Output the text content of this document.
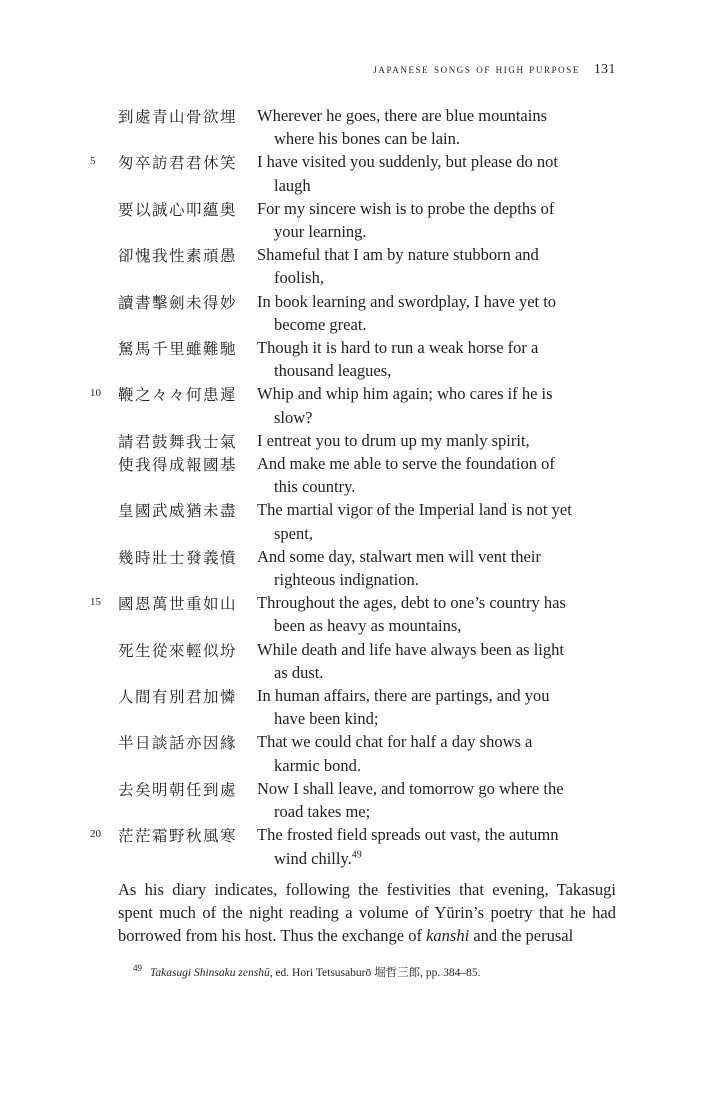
japanese songs of high purpose 131
到處青山骨欲埋 Wherever he goes, there are blue mountains
where his bones can be lain.
5	匆卒訪君君休笑 I have visited you suddenly, but please do not
laugh
要以誠心叩蘊奥 For my sincere wish is to probe the depths of
your learning.
卻愧我性素頑愚 Shameful that I am by nature stubborn and
foolish,
讀書擊劍未得妙 In book learning and swordplay, I have yet to
become great.
駑馬千里雖難馳 Though it is hard to run a weak horse for a
thousand leagues,
10	鞭之々々何患遲 Whip and whip him again; who cares if he is
slow?
請君鼓舞我士氣 I entreat you to drum up my manly spirit,
使我得成報國基 And make me able to serve the foundation of
this country.
皇國武威猶未盡 The martial vigor of the Imperial land is not yet
spent,
幾時壯士發義憤 And some day, stalwart men will vent their
righteous indignation.
15	國恩萬世重如山 Throughout the ages, debt to one’s country has
been as heavy as mountains,
死生從來輕似坋 While death and life have always been as light
as dust.
人間有別君加憐 In human affairs, there are partings, and you
have been kind;
半日談話亦因緣 That we could chat for half a day shows a
karmic bond.
去矣明朝任到處 Now I shall leave, and tomorrow go where the
road takes me;
20	茫茫霜野秋風寒 The frosted field spreads out vast, the autumn
wind chilly.$^{49}$

As his diary indicates, following the festivities that evening, Takasugi spent much of the night reading a volume of Yūrin’s poetry that he had borrowed from his host. Thus the exchange of kanshi and the perusal

$^{49}$ Takasugi Shinsaku zenshū, ed. Hori Tetsusaburō 堀哲三郎, pp. 384–85.
